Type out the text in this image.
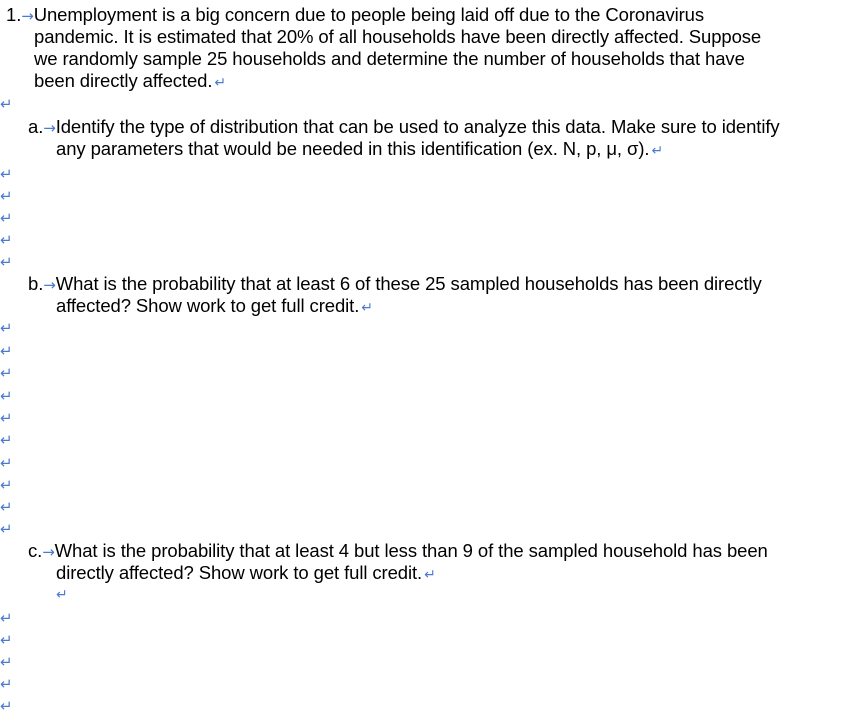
1.→Unemployment is a big concern due to people being laid off due to the Coronavirus
pandemic. It is estimated that 20% of all households have been directly affected. Suppose
we randomly sample 25 households and determine the number of households that have
been directly affected. ↵
↵
a.→Identify the type of distribution that can be used to analyze this data. Make sure to identify
any parameters that would be needed in this identification (ex. N, p, μ, σ). ↵
↵
↵
↵
↵
↵
b.→What is the probability that at least 6 of these 25 sampled households has been directly
affected? Show work to get full credit. ↵
↵
↵
↵
↵
↵
↵
↵
↵
↵
↵
c.→What is the probability that at least 4 but less than 9 of the sampled household has been
directly affected? Show work to get full credit. ↵
↵
↵
↵
↵
↵
↵
